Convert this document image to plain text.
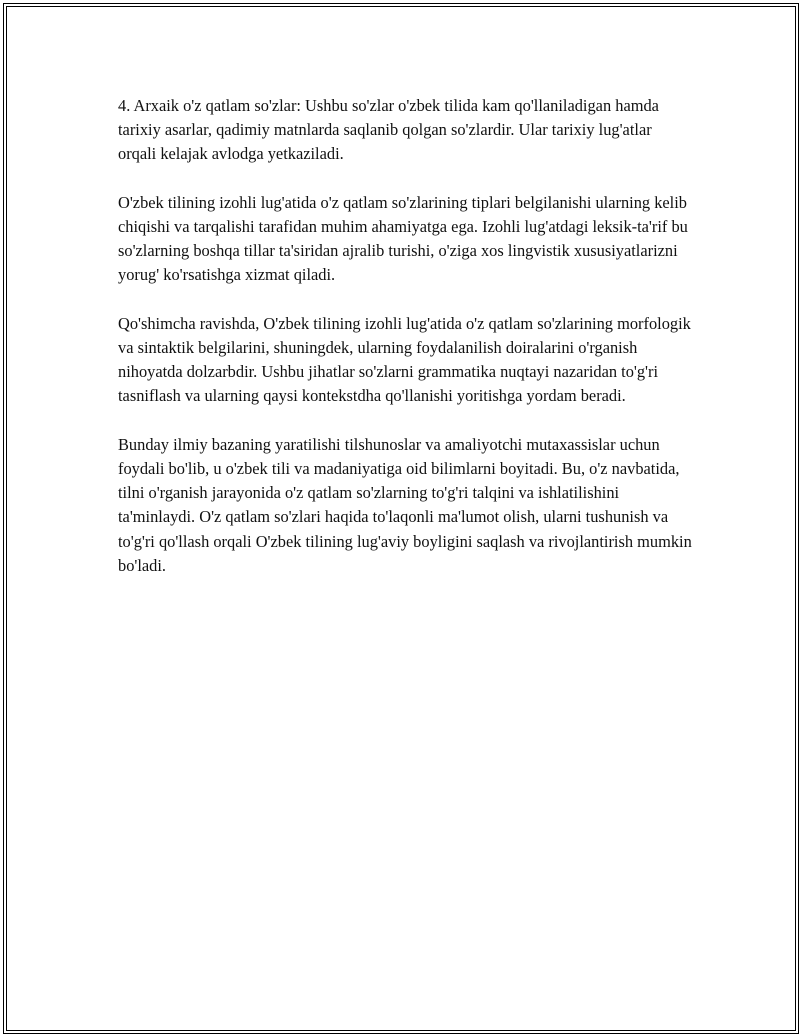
4. Arxaik o'z qatlam so'zlar: Ushbu so'zlar o'zbek tilida kam qo'llaniladigan hamda tarixiy asarlar, qadimiy matnlarda saqlanib qolgan so'zlardir. Ular tarixiy lug'atlar orqali kelajak avlodga yetkaziladi.

O'zbek tilining izohli lug'atida o'z qatlam so'zlarining tiplari belgilanishi ularning kelib chiqishi va tarqalishi tarafidan muhim ahamiyatga ega. Izohli lug'atdagi leksik-ta'rif bu so'zlarning boshqa tillar ta'siridan ajralib turishi, o'ziga xos lingvistik xususiyatlarizni yorug' ko'rsatishga xizmat qiladi.

Qo'shimcha ravishda, O'zbek tilining izohli lug'atida o'z qatlam so'zlarining morfologik va sintaktik belgilarini, shuningdek, ularning foydalanilish doiralarini o'rganish nihoyatda dolzarbdir. Ushbu jihatlar so'zlarni grammatika nuqtayi nazaridan to'g'ri tasniflash va ularning qaysi kontekstdha qo'llanishi yoritishga yordam beradi.

Bunday ilmiy bazaning yaratilishi tilshunoslar va amaliyotchi mutaxassislar uchun foydali bo'lib, u o'zbek tili va madaniyatiga oid bilimlarni boyitadi. Bu, o'z navbatida, tilni o'rganish jarayonida o'z qatlam so'zlarning to'g'ri talqini va ishlatilishini ta'minlaydi. O'z qatlam so'zlari haqida to'laqonli ma'lumot olish, ularni tushunish va to'g'ri qo'llash orqali O'zbek tilining lug'aviy boyligini saqlash va rivojlantirish mumkin bo'ladi.
